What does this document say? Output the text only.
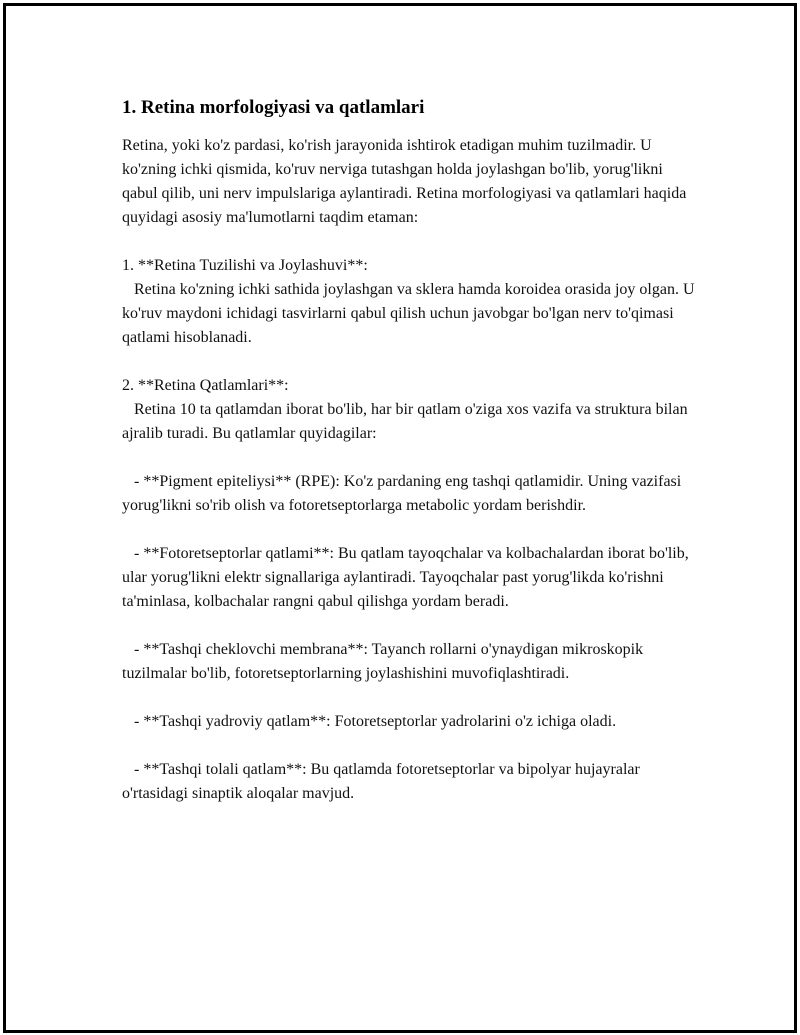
1. Retina morfologiyasi va qatlamlari

Retina, yoki ko'z pardasi, ko'rish jarayonida ishtirok etadigan muhim tuzilmadir. U ko'zning ichki qismida, ko'ruv nerviga tutashgan holda joylashgan bo'lib, yorug'likni qabul qilib, uni nerv impulslariga aylantiradi. Retina morfologiyasi va qatlamlari haqida quyidagi asosiy ma'lumotlarni taqdim etaman:

1. **Retina Tuzilishi va Joylashuvi**:
Retina ko'zning ichki sathida joylashgan va sklera hamda koroidea orasida joy olgan. U ko'ruv maydoni ichidagi tasvirlarni qabul qilish uchun javobgar bo'lgan nerv to'qimasi qatlami hisoblanadi.

2. **Retina Qatlamlari**:
Retina 10 ta qatlamdan iborat bo'lib, har bir qatlam o'ziga xos vazifa va struktura bilan ajralib turadi. Bu qatlamlar quyidagilar:

- **Pigment epiteliysi** (RPE): Ko'z pardaning eng tashqi qatlamidir. Uning vazifasi yorug'likni so'rib olish va fotoretseptorlarga metabolic yordam berishdir.

- **Fotoretseptorlar qatlami**: Bu qatlam tayoqchalar va kolbachalardan iborat bo'lib, ular yorug'likni elektr signallariga aylantiradi. Tayoqchalar past yorug'likda ko'rishni ta'minlasa, kolbachalar rangni qabul qilishga yordam beradi.

- **Tashqi cheklovchi membrana**: Tayanch rollarni o'ynaydigan mikroskopik tuzilmalar bo'lib, fotoretseptorlarning joylashishini muvofiqlashtiradi.

- **Tashqi yadroviy qatlam**: Fotoretseptorlar yadrolarini o'z ichiga oladi.

- **Tashqi tolali qatlam**: Bu qatlamda fotoretseptorlar va bipolyar hujayralar o'rtasidagi sinaptik aloqalar mavjud.
